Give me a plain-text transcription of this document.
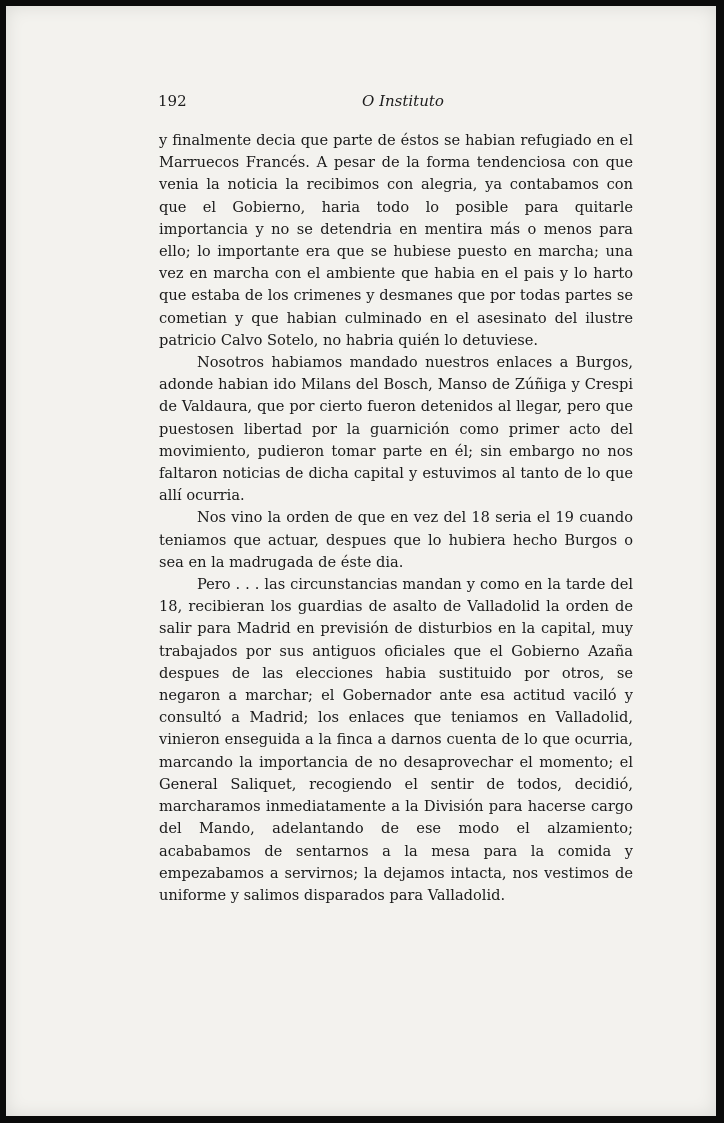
192	O Instituto

y finalmente decia que parte de éstos se habian refugiado en el Marruecos Francés. A pesar de la forma tendenciosa con que venia la noticia la recibimos con alegria, ya contabamos con que el Gobierno, haria todo lo posible para quitarle importancia y no se detendria en mentira más o menos para ello; lo importante era que se hubiese puesto en marcha; una vez en marcha con el ambiente que habia en el pais y lo harto que estaba de los crimenes y desmanes que por todas partes se cometian y que habian culminado en el asesinato del ilustre patricio Calvo Sotelo, no habria quién lo detuviese.

Nosotros habiamos mandado nuestros enlaces a Burgos, adonde habian ido Milans del Bosch, Manso de Zúñiga y Crespi de Valdaura, que por cierto fueron detenidos al llegar, pero que puestosen libertad por la guarnición como primer acto del movimiento, pudieron tomar parte en él; sin embargo no nos faltaron noticias de dicha capital y estuvimos al tanto de lo que allí ocurria.

Nos vino la orden de que en vez del 18 seria el 19 cuando teniamos que actuar, despues que lo hubiera hecho Burgos o sea en la madrugada de éste dia.

Pero . . . las circunstancias mandan y como en la tarde del 18, recibieran los guardias de asalto de Valladolid la orden de salir para Madrid en previsión de disturbios en la capital, muy trabajados por sus antiguos oficiales que el Gobierno Azaña despues de las elecciones habia sustituido por otros, se negaron a marchar; el Gobernador ante esa actitud vaciló y consultó a Madrid; los enlaces que teniamos en Valladolid, vinieron enseguida a la finca a darnos cuenta de lo que ocurria, marcando la importancia de no desaprovechar el momento; el General Saliquet, recogiendo el sentir de todos, decidió, marcharamos inmediatamente a la División para hacerse cargo del Mando, adelantando de ese modo el alzamiento; acababamos de sentarnos a la mesa para la comida y empezabamos a servirnos; la dejamos intacta, nos vestimos de uniforme y salimos disparados para Valladolid.
